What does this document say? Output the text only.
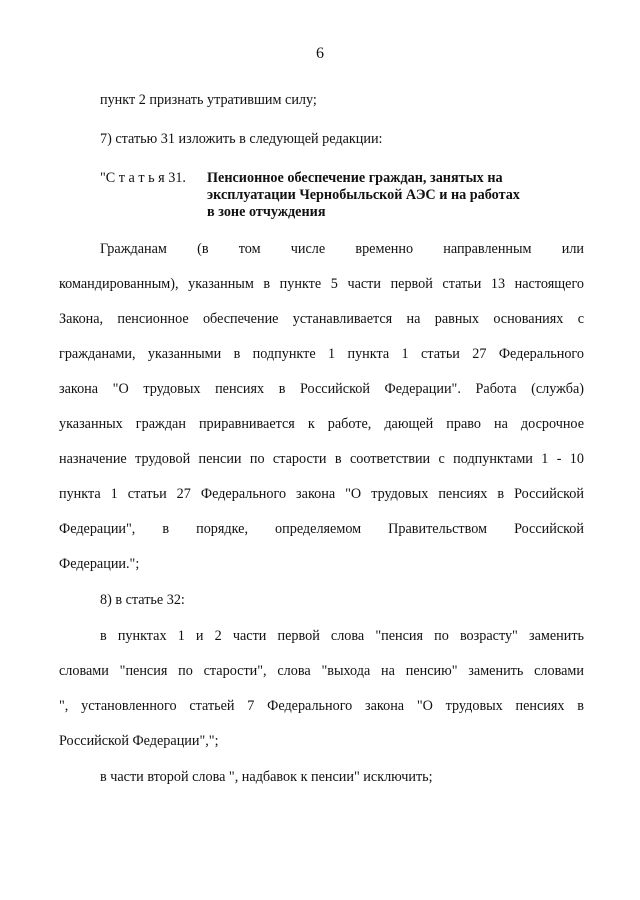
6
пункт 2 признать утратившим силу;
7) статью 31 изложить в следующей редакции:
"С т а т ь я 31. Пенсионное обеспечение граждан, занятых на
эксплуатации Чернобыльской АЭС и на работах
в зоне отчуждения
Гражданам (в том числе временно направленным или
командированным), указанным в пункте 5 части первой статьи 13 настоящего
Закона, пенсионное обеспечение устанавливается на равных основаниях с
гражданами, указанными в подпункте 1 пункта 1 статьи 27 Федерального
закона "О трудовых пенсиях в Российской Федерации". Работа (служба)
указанных граждан приравнивается к работе, дающей право на досрочное
назначение трудовой пенсии по старости в соответствии с подпунктами 1 - 10
пункта 1 статьи 27 Федерального закона "О трудовых пенсиях в Российской
Федерации", в порядке, определяемом Правительством Российской
Федерации.";
8) в статье 32:
в пунктах 1 и 2 части первой слова "пенсия по возрасту" заменить
словами "пенсия по старости", слова "выхода на пенсию" заменить словами
", установленного статьей 7 Федерального закона "О трудовых пенсиях в
Российской Федерации",";
в части второй слова ", надбавок к пенсии" исключить;
